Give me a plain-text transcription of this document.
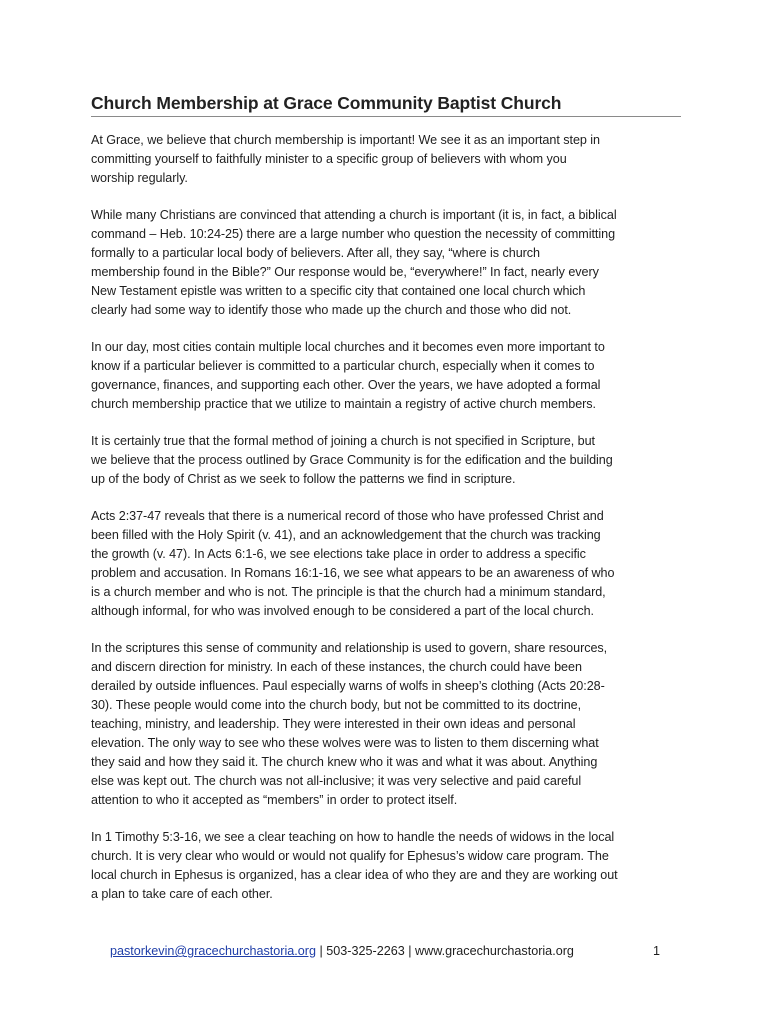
Church Membership at Grace Community Baptist Church

At Grace, we believe that church membership is important! We see it as an important step in
committing yourself to faithfully minister to a specific group of believers with whom you
worship regularly.

While many Christians are convinced that attending a church is important (it is, in fact, a biblical
command – Heb. 10:24-25) there are a large number who question the necessity of committing
formally to a particular local body of believers. After all, they say, “where is church
membership found in the Bible?” Our response would be, “everywhere!” In fact, nearly every
New Testament epistle was written to a specific city that contained one local church which
clearly had some way to identify those who made up the church and those who did not.

In our day, most cities contain multiple local churches and it becomes even more important to
know if a particular believer is committed to a particular church, especially when it comes to
governance, finances, and supporting each other. Over the years, we have adopted a formal
church membership practice that we utilize to maintain a registry of active church members.

It is certainly true that the formal method of joining a church is not specified in Scripture, but
we believe that the process outlined by Grace Community is for the edification and the building
up of the body of Christ as we seek to follow the patterns we find in scripture.

Acts 2:37-47 reveals that there is a numerical record of those who have professed Christ and
been filled with the Holy Spirit (v. 41), and an acknowledgement that the church was tracking
the growth (v. 47). In Acts 6:1-6, we see elections take place in order to address a specific
problem and accusation. In Romans 16:1-16, we see what appears to be an awareness of who
is a church member and who is not. The principle is that the church had a minimum standard,
although informal, for who was involved enough to be considered a part of the local church.

In the scriptures this sense of community and relationship is used to govern, share resources,
and discern direction for ministry. In each of these instances, the church could have been
derailed by outside influences. Paul especially warns of wolfs in sheep’s clothing (Acts 20:28-
30). These people would come into the church body, but not be committed to its doctrine,
teaching, ministry, and leadership. They were interested in their own ideas and personal
elevation. The only way to see who these wolves were was to listen to them discerning what
they said and how they said it. The church knew who it was and what it was about. Anything
else was kept out. The church was not all-inclusive; it was very selective and paid careful
attention to who it accepted as “members” in order to protect itself.

In 1 Timothy 5:3-16, we see a clear teaching on how to handle the needs of widows in the local
church. It is very clear who would or would not qualify for Ephesus’s widow care program. The
local church in Ephesus is organized, has a clear idea of who they are and they are working out
a plan to take care of each other.

pastorkevin@gracechurchastoria.org | 503-325-2263 | www.gracechurchastoria.org	1
